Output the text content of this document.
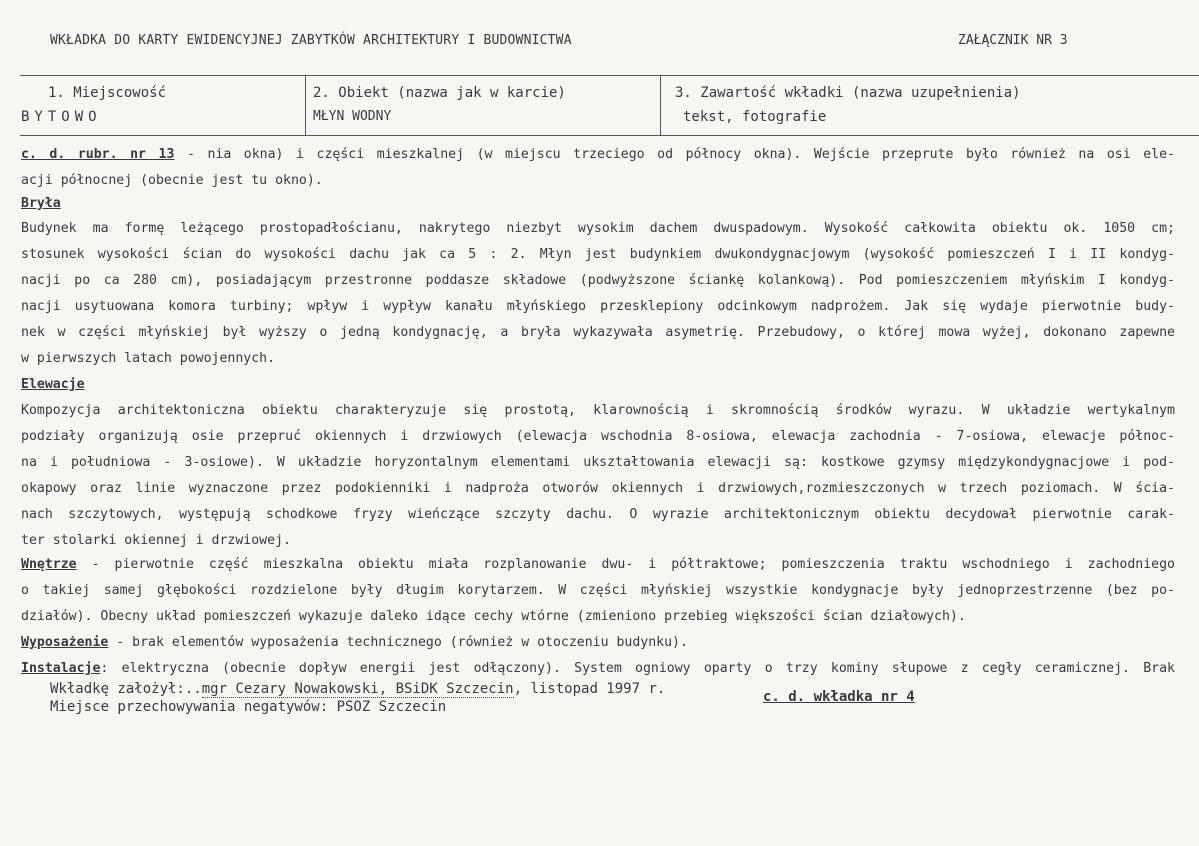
WKŁADKA DO KARTY EWIDENCYJNEJ ZABYTKÓW ARCHITEKTURY I BUDOWNICTWA	ZAŁĄCZNIK NR 3
1. Miejscowość
BYTOWO
2. Obiekt (nazwa jak w karcie)
MŁYN WODNY
3. Zawartość wkładki (nazwa uzupełnienia)
tekst, fotografie
c. d. rubr. nr 13 - nia okna) i części mieszkalnej (w miejscu trzeciego od północy okna). Wejście przeprute było również na osi ele-
acji północnej (obecnie jest tu okno).
Bryła
Budynek ma formę leżącego prostopadłościanu, nakrytego niezbyt wysokim dachem dwuspadowym. Wysokość całkowita obiektu ok. 1050 cm;
stosunek wysokości ścian do wysokości dachu jak ca 5 : 2. Młyn jest budynkiem dwukondygnacjowym (wysokość pomieszczeń I i II kondyg-
nacji po ca 280 cm), posiadającym przestronne poddasze składowe (podwyższone ściankę kolankową). Pod pomieszczeniem młyńskim I kondyg-
nacji usytuowana komora turbiny; wpływ i wypływ kanału młyńskiego przesklepiony odcinkowym nadprożem. Jak się wydaje pierwotnie budy-
nek w części młyńskiej był wyższy o jedną kondygnację, a bryła wykazywała asymetrię. Przebudowy, o której mowa wyżej, dokonano zapewne
w pierwszych latach powojennych.
Elewacje
Kompozycja architektoniczna obiektu charakteryzuje się prostotą, klarownością i skromnością środków wyrazu. W układzie wertykalnym
podziały organizują osie przepruć okiennych i drzwiowych (elewacja wschodnia 8-osiowa, elewacja zachodnia - 7-osiowa, elewacje północ-
na i południowa - 3-osiowe). W układzie horyzontalnym elementami ukształtowania elewacji są: kostkowe gzymsy międzykondygnacjowe i pod-
okapowy oraz linie wyznaczone przez podokienniki i nadproża otworów okiennych i drzwiowych,rozmieszczonych w trzech poziomach. W ścia-
nach szczytowych, występują schodkowe fryzy wieńczące szczyty dachu. O wyrazie architektonicznym obiektu decydował pierwotnie carak-
ter stolarki okiennej i drzwiowej.
Wnętrze - pierwotnie część mieszkalna obiektu miała rozplanowanie dwu- i półtraktowe; pomieszczenia traktu wschodniego i zachodniego
o takiej samej głębokości rozdzielone były długim korytarzem. W części młyńskiej wszystkie kondygnacje były jednoprzestrzenne (bez po-
działów). Obecny układ pomieszczeń wykazuje daleko idące cechy wtórne (zmieniono przebieg większości ścian działowych).
Wyposażenie - brak elementów wyposażenia technicznego (również w otoczeniu budynku).
Instalacje: elektryczna (obecnie dopływ energii jest odłączony). System ogniowy oparty o trzy kominy słupowe z cegły ceramicznej. Brak
Wkładkę założył:..mgr Cezary Nowakowski, BSiDK Szczecin, listopad 1997 r.
Miejsce przechowywania negatywów: PSOZ Szczecin
c. d. wkładka nr 4
